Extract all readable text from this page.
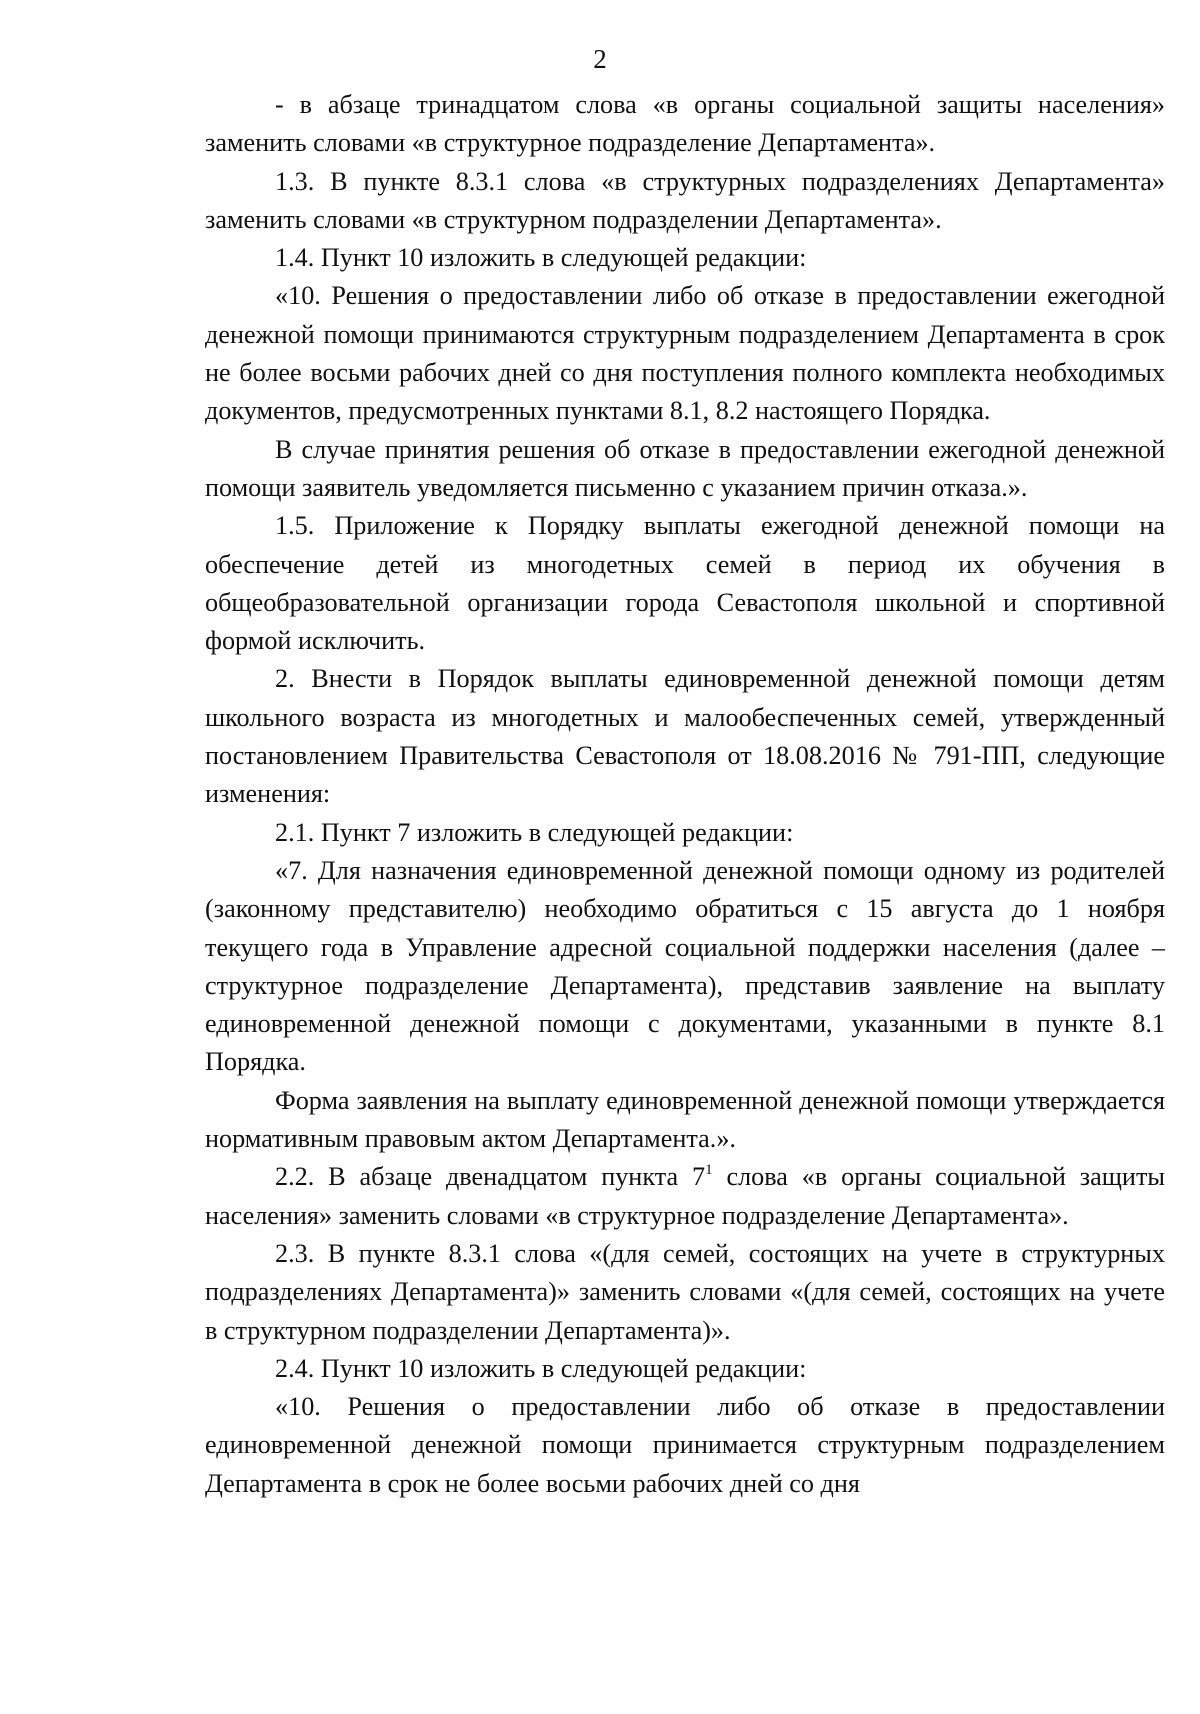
2

- в абзаце тринадцатом слова «в органы социальной защиты населения» заменить словами «в структурное подразделение Департамента».

1.3. В пункте 8.3.1 слова «в структурных подразделениях Департамента» заменить словами «в структурном подразделении Департамента».

1.4. Пункт 10 изложить в следующей редакции:

«10. Решения о предоставлении либо об отказе в предоставлении ежегодной денежной помощи принимаются структурным подразделением Департамента в срок не более восьми рабочих дней со дня поступления полного комплекта необходимых документов, предусмотренных пунктами 8.1, 8.2 настоящего Порядка.

В случае принятия решения об отказе в предоставлении ежегодной денежной помощи заявитель уведомляется письменно с указанием причин отказа.».

1.5. Приложение к Порядку выплаты ежегодной денежной помощи на обеспечение детей из многодетных семей в период их обучения в общеобразовательной организации города Севастополя школьной и спортивной формой исключить.

2. Внести в Порядок выплаты единовременной денежной помощи детям школьного возраста из многодетных и малообеспеченных семей, утвержденный постановлением Правительства Севастополя от 18.08.2016 № 791-ПП, следующие изменения:

2.1. Пункт 7 изложить в следующей редакции:

«7. Для назначения единовременной денежной помощи одному из родителей (законному представителю) необходимо обратиться с 15 августа до 1 ноября текущего года в Управление адресной социальной поддержки населения (далее – структурное подразделение Департамента), представив заявление на выплату единовременной денежной помощи с документами, указанными в пункте 8.1 Порядка.

Форма заявления на выплату единовременной денежной помощи утверждается нормативным правовым актом Департамента.».

2.2. В абзаце двенадцатом пункта $7^1$ слова «в органы социальной защиты населения» заменить словами «в структурное подразделение Департамента».

2.3. В пункте 8.3.1 слова «(для семей, состоящих на учете в структурных подразделениях Департамента)» заменить словами «(для семей, состоящих на учете в структурном подразделении Департамента)».

2.4. Пункт 10 изложить в следующей редакции:

«10. Решения о предоставлении либо об отказе в предоставлении единовременной денежной помощи принимается структурным подразделением Департамента в срок не более восьми рабочих дней со дня
